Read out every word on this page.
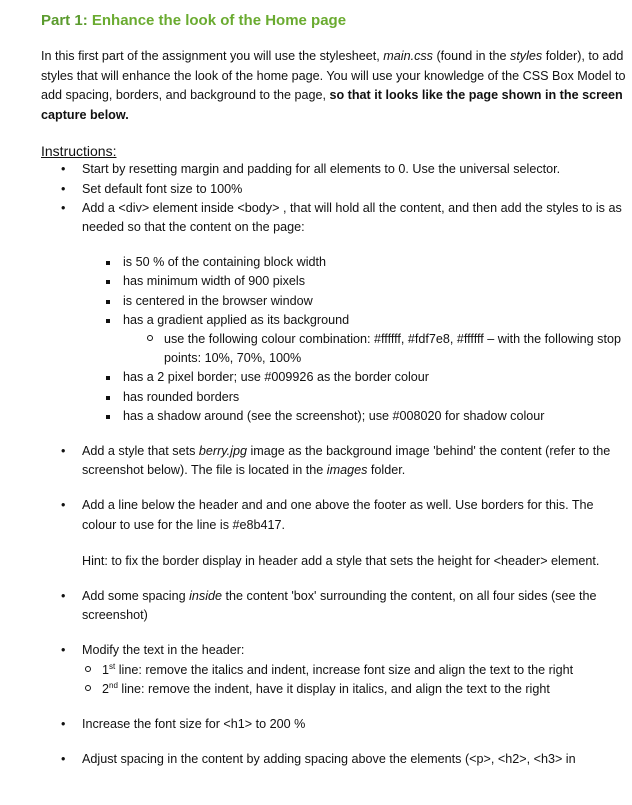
Part 1: Enhance the look of the Home page

In this first part of the assignment you will use the stylesheet, main.css (found in the styles folder), to add styles that will enhance the look of the home page. You will use your knowledge of the CSS Box Model to add spacing, borders, and background to the page, so that it looks like the page shown in the screen capture below.

Instructions:
• Start by resetting margin and padding for all elements to 0. Use the universal selector.
• Set default font size to 100%
• Add a <div> element inside <body> , that will hold all the content, and then add the styles to is as needed so that the content on the page:
is 50 % of the containing block width
has minimum width of 900 pixels
is centered in the browser window
has a gradient applied as its background
use the following colour combination: #ffffff, #fdf7e8, #ffffff – with the following stop points: 10%, 70%, 100%
has a 2 pixel border; use #009926 as the border colour
has rounded borders
has a shadow around (see the screenshot); use #008020 for shadow colour
• Add a style that sets berry.jpg image as the background image 'behind' the content (refer to the screenshot below). The file is located in the images folder.
• Add a line below the header and and one above the footer as well. Use borders for this. The colour to use for the line is #e8b417.
Hint: to fix the border display in header add a style that sets the height for <header> element.
• Add some spacing inside the content 'box' surrounding the content, on all four sides (see the screenshot)
• Modify the text in the header:
1st line: remove the italics and indent, increase font size and align the text to the right
2nd line: remove the indent, have it display in italics, and align the text to the right
• Increase the font size for <h1> to 200 %
• Adjust spacing in the content by adding spacing above the elements (<p>, <h2>, <h3> in
